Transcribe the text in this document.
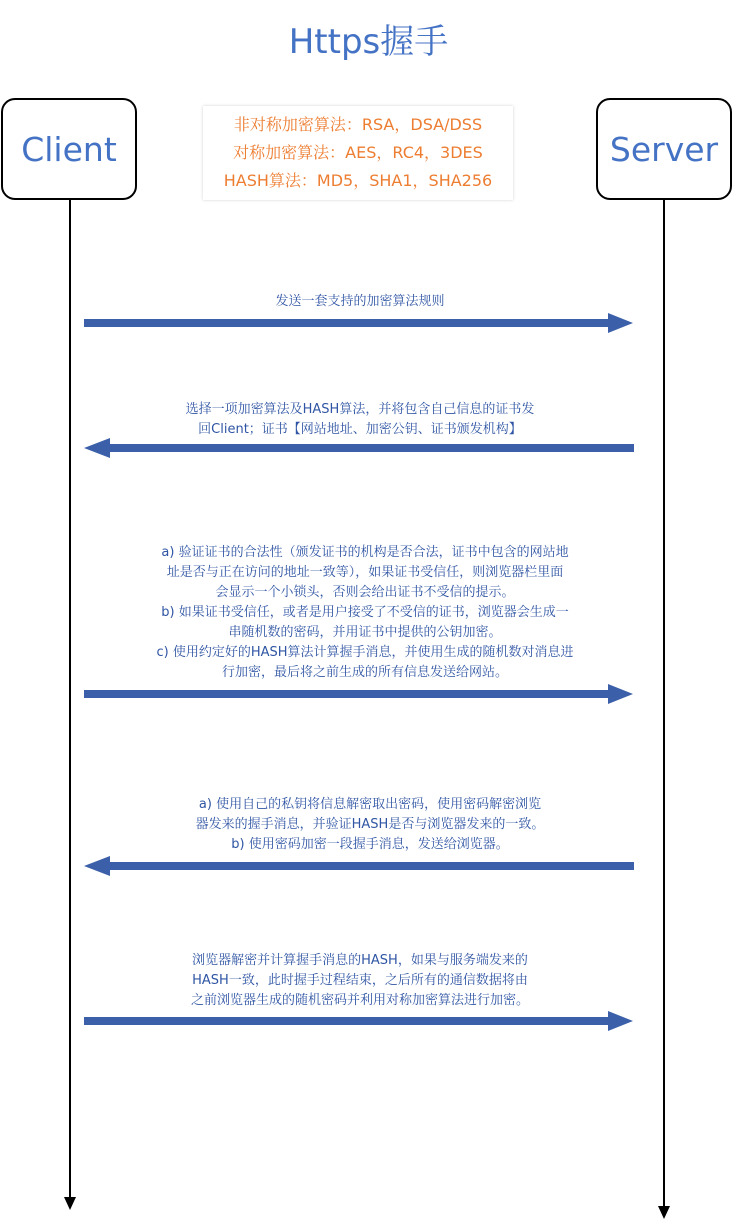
Https握手
Client	Server
非对称加密算法：RSA，DSA/DSS
对称加密算法：AES，RC4，3DES
HASH算法：MD5，SHA1，SHA256
发送一套支持的加密算法规则
选择一项加密算法及HASH算法，并将包含自己信息的证书发
回Client；证书【网站地址、加密公钥、证书颁发机构】
a) 验证证书的合法性（颁发证书的机构是否合法，证书中包含的网站地
址是否与正在访问的地址一致等），如果证书受信任，则浏览器栏里面
会显示一个小锁头，否则会给出证书不受信的提示。
b) 如果证书受信任，或者是用户接受了不受信的证书，浏览器会生成一
串随机数的密码，并用证书中提供的公钥加密。
c) 使用约定好的HASH算法计算握手消息，并使用生成的随机数对消息进
行加密，最后将之前生成的所有信息发送给网站。
a) 使用自己的私钥将信息解密取出密码，使用密码解密浏览
器发来的握手消息，并验证HASH是否与浏览器发来的一致。
b) 使用密码加密一段握手消息，发送给浏览器。
浏览器解密并计算握手消息的HASH，如果与服务端发来的
HASH一致，此时握手过程结束，之后所有的通信数据将由
之前浏览器生成的随机密码并利用对称加密算法进行加密。
